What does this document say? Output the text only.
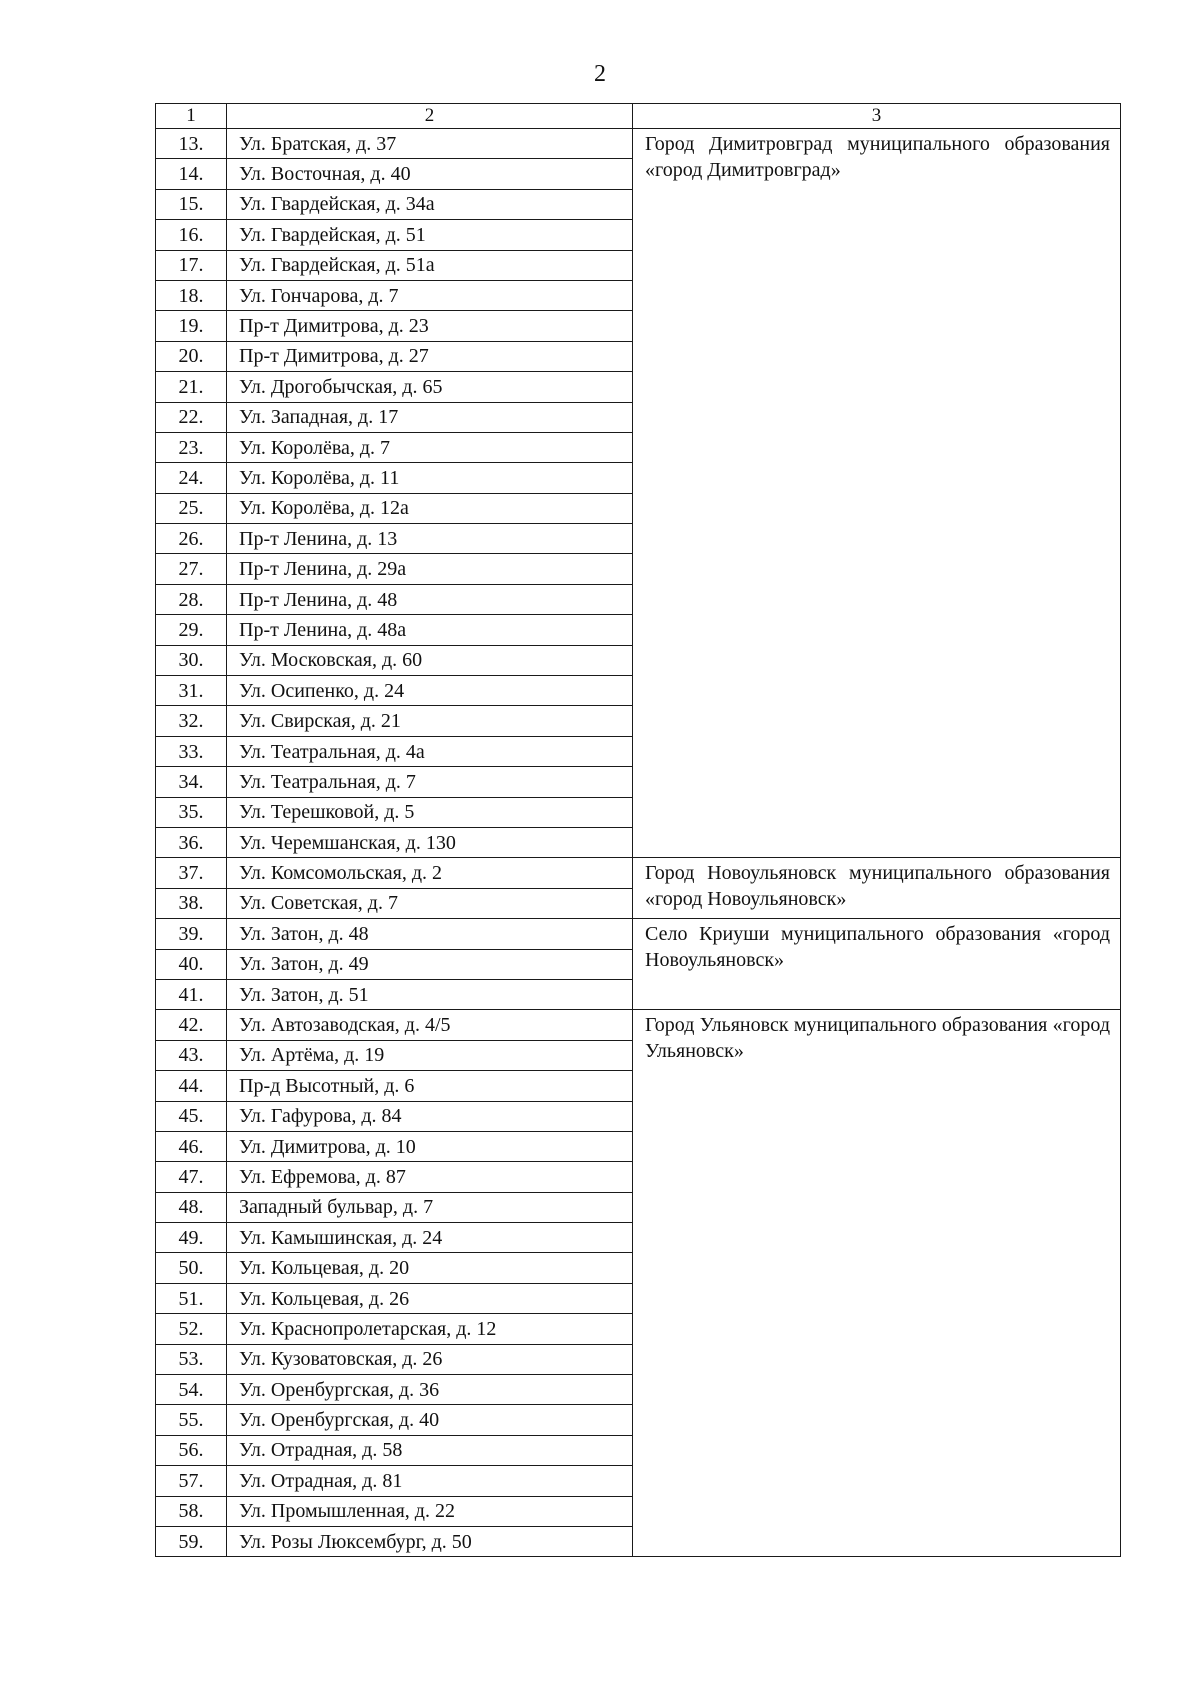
2
1	2	3
13.	Ул. Братская, д. 37	Город Димитровград муниципального образования «город Димитровград»
14.	Ул. Восточная, д. 40	
15.	Ул. Гвардейская, д. 34а	
16.	Ул. Гвардейская, д. 51	
17.	Ул. Гвардейская, д. 51а	
18.	Ул. Гончарова, д. 7	
19.	Пр-т Димитрова, д. 23	
20.	Пр-т Димитрова, д. 27	
21.	Ул. Дрогобычская, д. 65	
22.	Ул. Западная, д. 17	
23.	Ул. Королёва, д. 7	
24.	Ул. Королёва, д. 11	
25.	Ул. Королёва, д. 12а	
26.	Пр-т Ленина, д. 13	
27.	Пр-т Ленина, д. 29а	
28.	Пр-т Ленина, д. 48	
29.	Пр-т Ленина, д. 48а	
30.	Ул. Московская, д. 60	
31.	Ул. Осипенко, д. 24	
32.	Ул. Свирская, д. 21	
33.	Ул. Театральная, д. 4а	
34.	Ул. Театральная, д. 7	
35.	Ул. Терешковой, д. 5	
36.	Ул. Черемшанская, д. 130	
37.	Ул. Комсомольская, д. 2	Город Новоульяновск муниципального образования «город Новоульяновск»
38.	Ул. Советская, д. 7	
39.	Ул. Затон, д. 48	Село Криуши муниципального образования «город Новоульяновск»
40.	Ул. Затон, д. 49	
41.	Ул. Затон, д. 51	
42.	Ул. Автозаводская, д. 4/5	Город Ульяновск муниципального образования «город Ульяновск»
43.	Ул. Артёма, д. 19	
44.	Пр-д Высотный, д. 6	
45.	Ул. Гафурова, д. 84	
46.	Ул. Димитрова, д. 10	
47.	Ул. Ефремова, д. 87	
48.	Западный бульвар, д. 7	
49.	Ул. Камышинская, д. 24	
50.	Ул. Кольцевая, д. 20	
51.	Ул. Кольцевая, д. 26	
52.	Ул. Краснопролетарская, д. 12	
53.	Ул. Кузоватовская, д. 26	
54.	Ул. Оренбургская, д. 36	
55.	Ул. Оренбургская, д. 40	
56.	Ул. Отрадная, д. 58	
57.	Ул. Отрадная, д. 81	
58.	Ул. Промышленная, д. 22	
59.	Ул. Розы Люксембург, д. 50	
